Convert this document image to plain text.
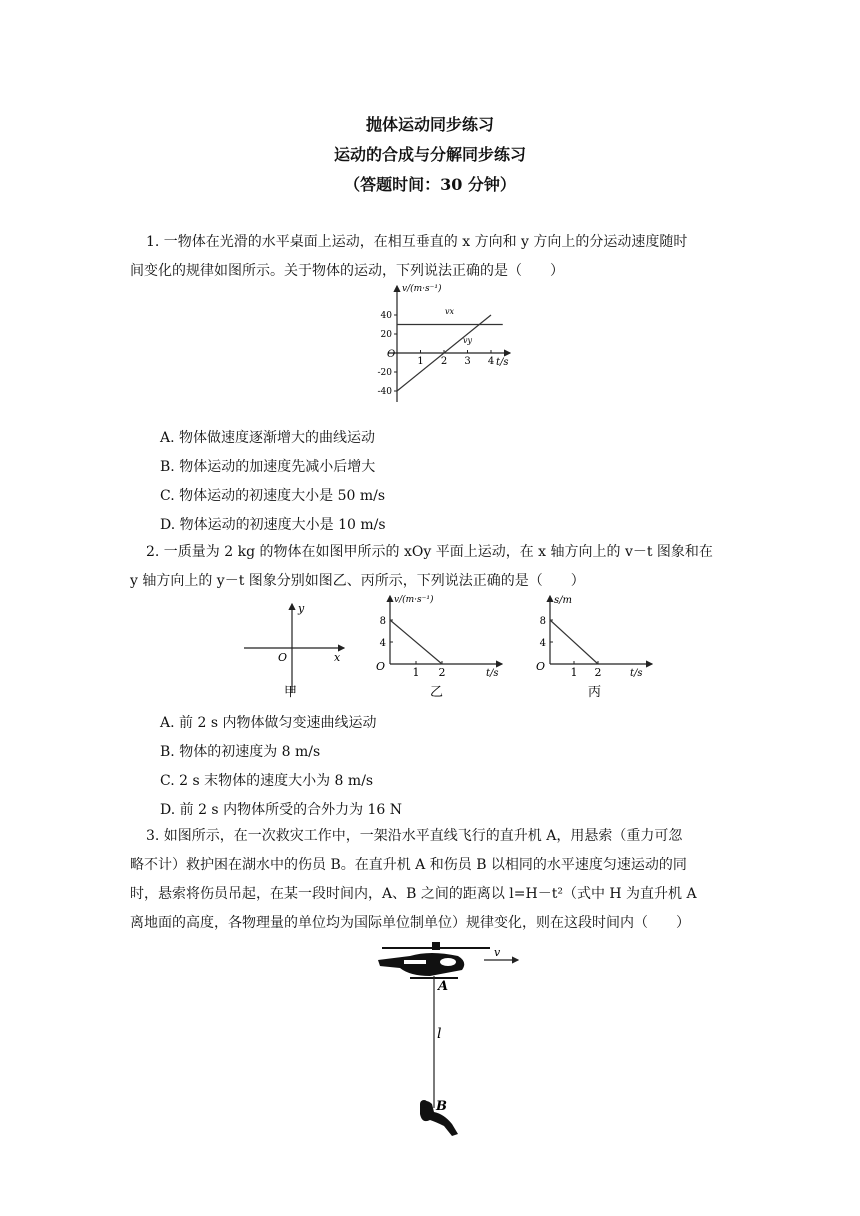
抛体运动同步练习
运动的合成与分解同步练习
（答题时间：30 分钟）
1. 一物体在光滑的水平桌面上运动，在相互垂直的 x 方向和 y 方向上的分运动速度随时
间变化的规律如图所示。关于物体的运动，下列说法正确的是（　　）
v/(m·s⁻¹)
t/s
O
40
20
-20
-40
1 2 3 4
vx
vy
A. 物体做速度逐渐增大的曲线运动
B. 物体运动的加速度先减小后增大
C. 物体运动的初速度大小是 50 m/s
D. 物体运动的初速度大小是 10 m/s
2. 一质量为 2 kg 的物体在如图甲所示的 xOy 平面上运动，在 x 轴方向上的 v－t 图象和在
y 轴方向上的 y－t 图象分别如图乙、丙所示，下列说法正确的是（　　）
y
x
O
甲
v/(m·s⁻¹)
t/s
O
8
4
1 2
乙
s/m
t/s
O
8
4
1 2
丙
A. 前 2 s 内物体做匀变速曲线运动
B. 物体的初速度为 8 m/s
C. 2 s 末物体的速度大小为 8 m/s
D. 前 2 s 内物体所受的合外力为 16 N
3. 如图所示，在一次救灾工作中，一架沿水平直线飞行的直升机 A，用悬索（重力可忽
略不计）救护困在湖水中的伤员 B。在直升机 A 和伤员 B 以相同的水平速度匀速运动的同
时，悬索将伤员吊起，在某一段时间内，A、B 之间的距离以 l=H－t²（式中 H 为直升机 A
离地面的高度，各物理量的单位均为国际单位制单位）规律变化，则在这段时间内（　　）
v
A
l
B
